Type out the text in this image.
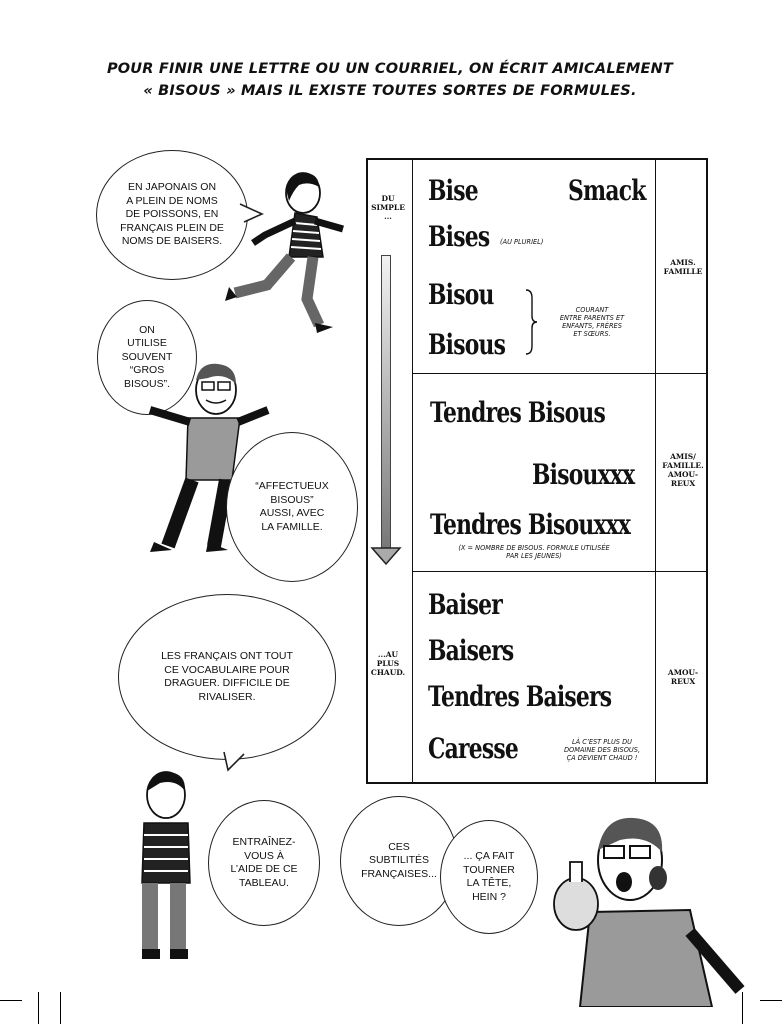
POUR FINIR UNE LETTRE OU UN COURRIEL, ON ÉCRIT AMICALEMENT
« BISOUS » MAIS IL EXISTE TOUTES SORTES DE FORMULES.
EN JAPONAIS ON
A PLEIN DE NOMS
DE POISSONS, EN
FRANÇAIS PLEIN DE
NOMS DE BAISERS.
ON
UTILISE
SOUVENT
“GROS
BISOUS”.
“AFFECTUEUX
BISOUS”
AUSSI, AVEC
LA FAMILLE.
LES FRANÇAIS ONT TOUT
CE VOCABULAIRE POUR
DRAGUER. DIFFICILE DE
RIVALISER.
ENTRAÎNEZ-
VOUS À
L’AIDE DE CE
TABLEAU.
CES
SUBTILITÉS
FRANÇAISES...
... ÇA FAIT
TOURNER
LA TÊTE,
HEIN ?
DU
SIMPLE
...
...AU
PLUS
CHAUD.
Bise	Smack
Bises (AU PLURIEL)
Bisou
Bisous
COURANT
ENTRE PARENTS ET
ENFANTS, FRÈRES
ET SŒURS.
AMIS.
FAMILLE
Tendres Bisous
Bisouxxx
Tendres Bisouxxx
(X = NOMBRE DE BISOUS. FORMULE UTILISÉE
PAR LES JEUNES)
AMIS/
FAMILLE.
AMOU-
REUX
Baiser
Baisers
Tendres Baisers
Caresse	LÀ C’EST PLUS DU
DOMAINE DES BISOUS,
ÇA DEVIENT CHAUD !
AMOU-
REUX
